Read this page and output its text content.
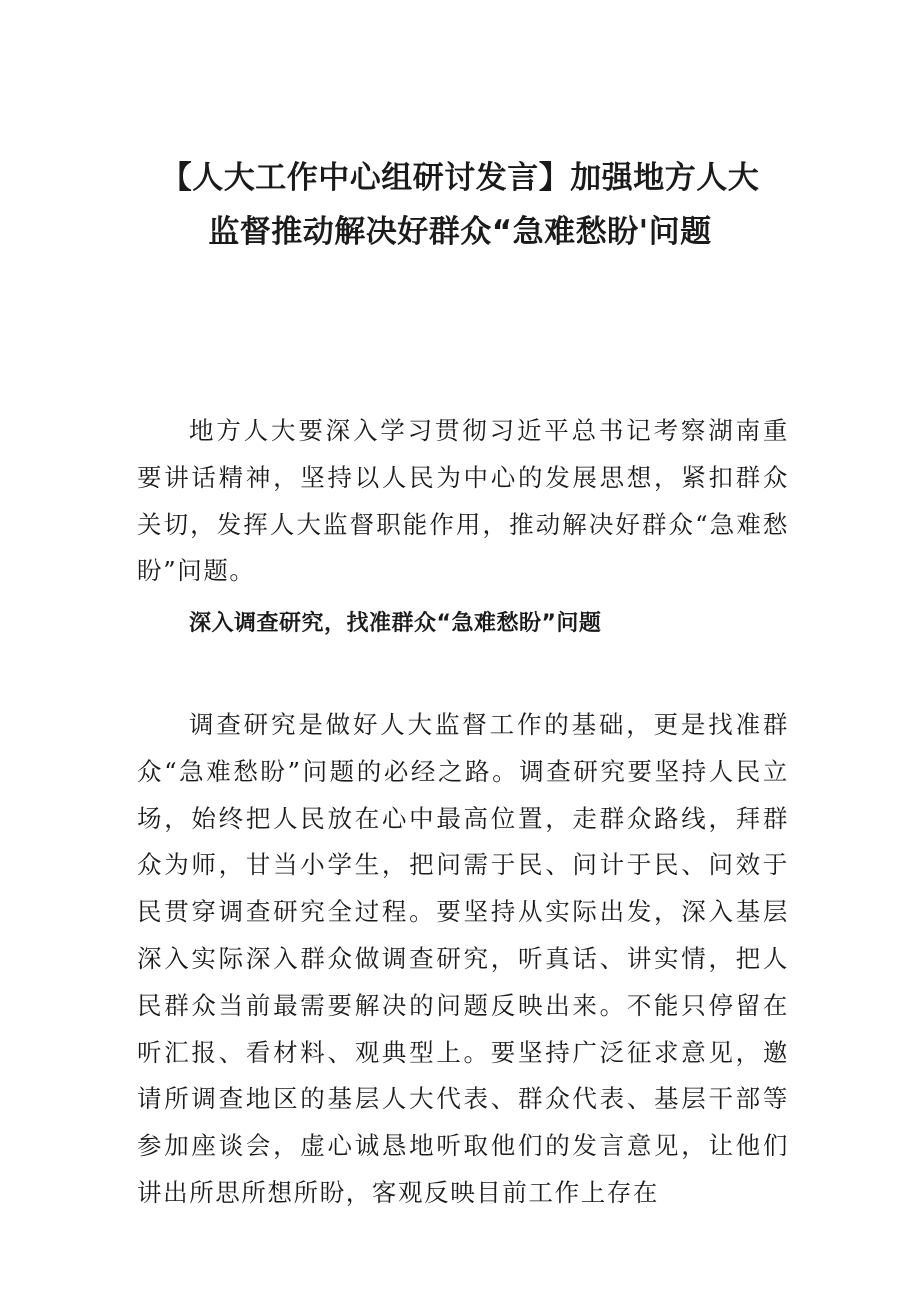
【人大工作中心组研讨发言】加强地方人大
监督推动解决好群众“急难愁盼'问题

地方人大要深入学习贯彻习近平总书记考察湖南重要讲话精神，坚持以人民为中心的发展思想，紧扣群众关切，发挥人大监督职能作用，推动解决好群众“急难愁盼”问题。

深入调查研究，找准群众“急难愁盼”问题

调查研究是做好人大监督工作的基础，更是找准群众“急难愁盼”问题的必经之路。调查研究要坚持人民立场，始终把人民放在心中最高位置，走群众路线，拜群众为师，甘当小学生，把问需于民、问计于民、问效于民贯穿调查研究全过程。要坚持从实际出发，深入基层深入实际深入群众做调查研究，听真话、讲实情，把人民群众当前最需要解决的问题反映出来。不能只停留在听汇报、看材料、观典型上。要坚持广泛征求意见，邀请所调查地区的基层人大代表、群众代表、基层干部等参加座谈会，虚心诚恳地听取他们的发言意见，让他们讲出所思所想所盼，客观反映目前工作上存在
